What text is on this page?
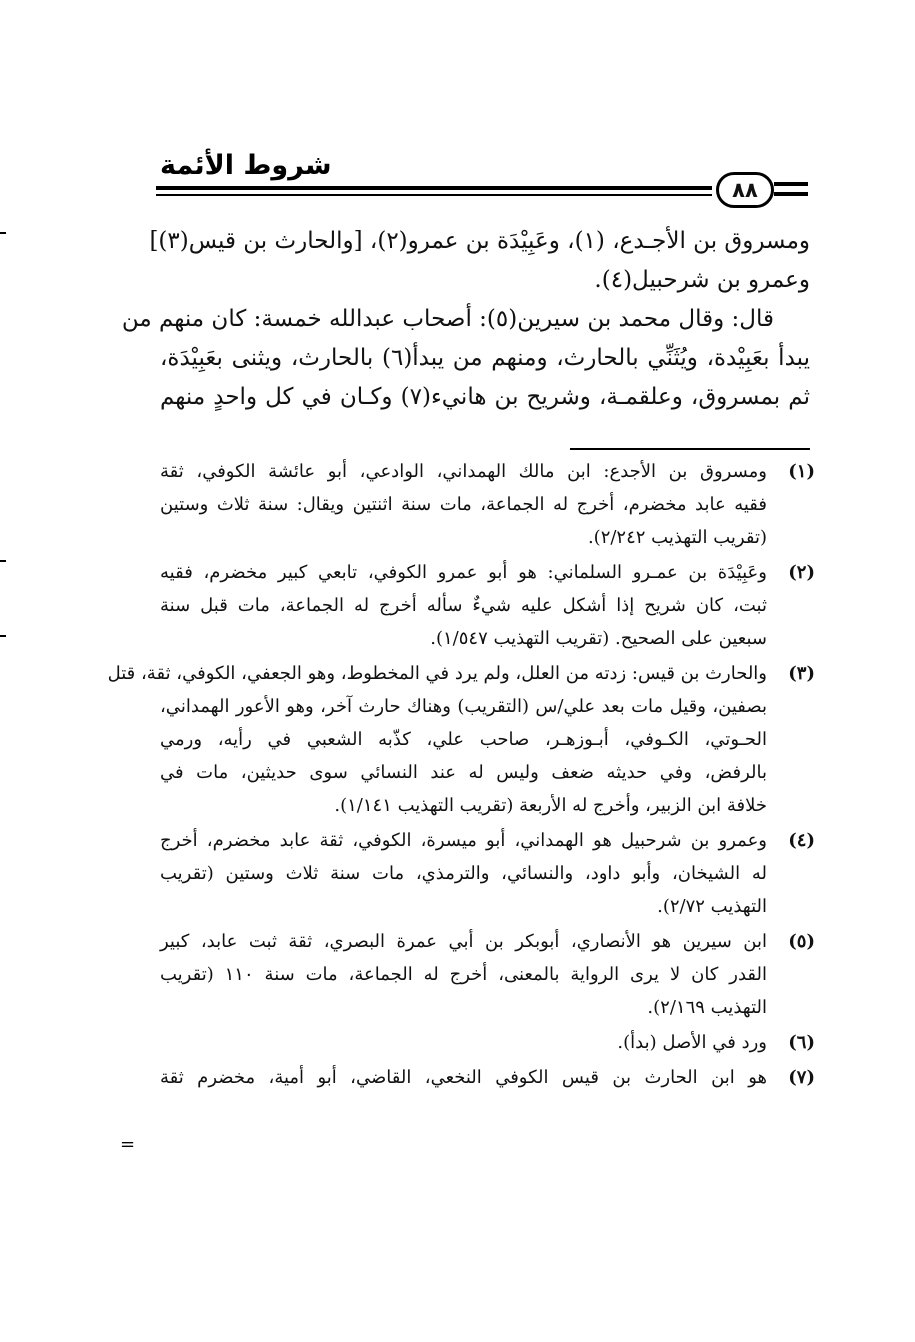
شروط الأئمة
٨٨
ومسروق بن الأجـدع، (١)، وعَبِيْدَة بن عمرو(٢)، [والحارث بن قيس(٣)]
وعمرو بن شرحبيل(٤).
قال: وقال محمد بن سيرين(٥): أصحاب عبدالله خمسة: كان منهم من
يبدأ بعَبِيْدة، ويُثَنِّي بالحارث، ومنهم من يبدأ(٦) بالحارث، ويثنى بعَبِيْدَة،
ثم بمسروق، وعلقمـة، وشريح بن هانيء(٧) وكـان في كل واحدٍ منهم
(١)
ومسروق بن الأجدع: ابن مالك الهمداني، الوادعي، أبو عائشة الكوفي، ثقة
فقيه عابد مخضرم، أخرج له الجماعة، مات سنة اثنتين ويقال: سنة ثلاث وستين
(تقريب التهذيب ٢/٢٤٢).
(٢)
وعَبِيْدَة بن عمـرو السلماني: هو أبو عمرو الكوفي، تابعي كبير مخضرم، فقيه
ثبت، كان شريح إذا أشكل عليه شيءٌ سأله أخرج له الجماعة، مات قبل سنة
سبعين على الصحيح. (تقريب التهذيب ١/٥٤٧).
(٣)
والحارث بن قيس: زدته من العلل، ولم يرد في المخطوط، وهو الجعفي، الكوفي، ثقة، قتل
بصفين، وقيل مات بعد علي/س (التقريب) وهناك حارث آخر، وهو الأعور الهمداني،
الحـوتي، الكـوفي، أبـوزهـر، صاحب علي، كذّبه الشعبي في رأيه، ورمي
بالرفض، وفي حديثه ضعف وليس له عند النسائي سوى حديثين، مات في
خلافة ابن الزبير، وأخرج له الأربعة (تقريب التهذيب ١/١٤١).
(٤)
وعمرو بن شرحبيل هو الهمداني، أبو ميسرة، الكوفي، ثقة عابد مخضرم، أخرج
له الشيخان، وأبو داود، والنسائي، والترمذي، مات سنة ثلاث وستين (تقريب
التهذيب ٢/٧٢).
(٥)
ابن سيرين هو الأنصاري، أبوبكر بن أبي عمرة البصري، ثقة ثبت عابد، كبير
القدر كان لا يرى الرواية بالمعنى، أخرج له الجماعة، مات سنة ١١٠ (تقريب
التهذيب ٢/١٦٩).
(٦)
ورد في الأصل (بدأ).
(٧)
هو ابن الحارث بن قيس الكوفي النخعي، القاضي، أبو أمية، مخضرم ثقة
=
